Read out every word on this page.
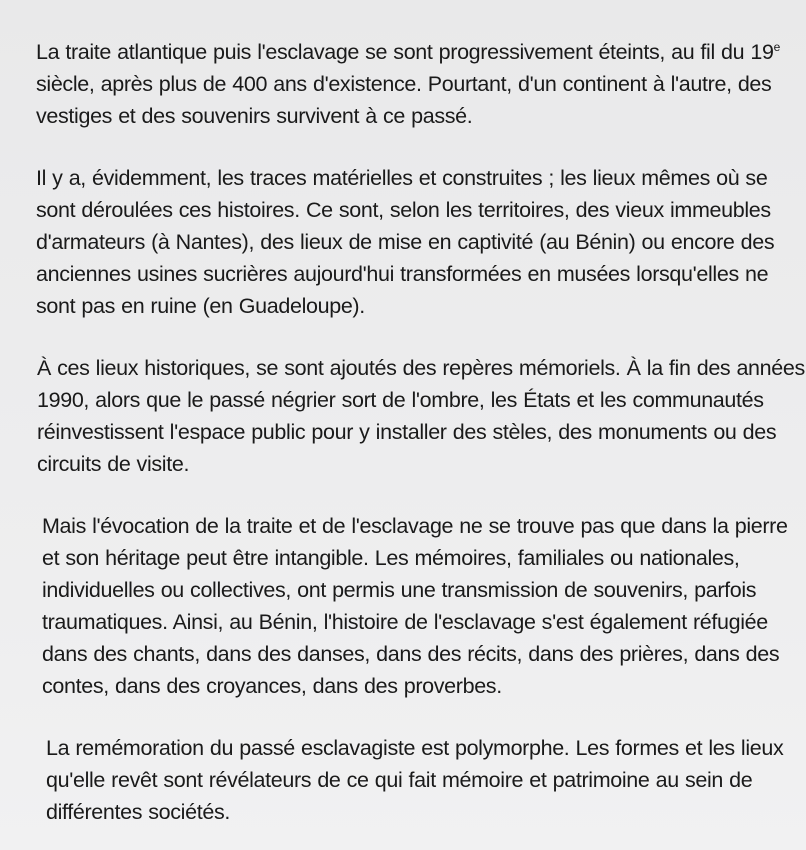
La traite atlantique puis l'esclavage se sont progressivement éteints, au fil du 19e
siècle, après plus de 400 ans d'existence. Pourtant, d'un continent à l'autre, des
vestiges et des souvenirs survivent à ce passé.

Il y a, évidemment, les traces matérielles et construites ; les lieux mêmes où se
sont déroulées ces histoires. Ce sont, selon les territoires, des vieux immeubles
d'armateurs (à Nantes), des lieux de mise en captivité (au Bénin) ou encore des
anciennes usines sucrières aujourd'hui transformées en musées lorsqu'elles ne
sont pas en ruine (en Guadeloupe).

À ces lieux historiques, se sont ajoutés des repères mémoriels. À la fin des années
1990, alors que le passé négrier sort de l'ombre, les États et les communautés
réinvestissent l'espace public pour y installer des stèles, des monuments ou des
circuits de visite.

Mais l'évocation de la traite et de l'esclavage ne se trouve pas que dans la pierre
et son héritage peut être intangible. Les mémoires, familiales ou nationales,
individuelles ou collectives, ont permis une transmission de souvenirs, parfois
traumatiques. Ainsi, au Bénin, l'histoire de l'esclavage s'est également réfugiée
dans des chants, dans des danses, dans des récits, dans des prières, dans des
contes, dans des croyances, dans des proverbes.

La remémoration du passé esclavagiste est polymorphe. Les formes et les lieux
qu'elle revêt sont révélateurs de ce qui fait mémoire et patrimoine au sein de
différentes sociétés.
